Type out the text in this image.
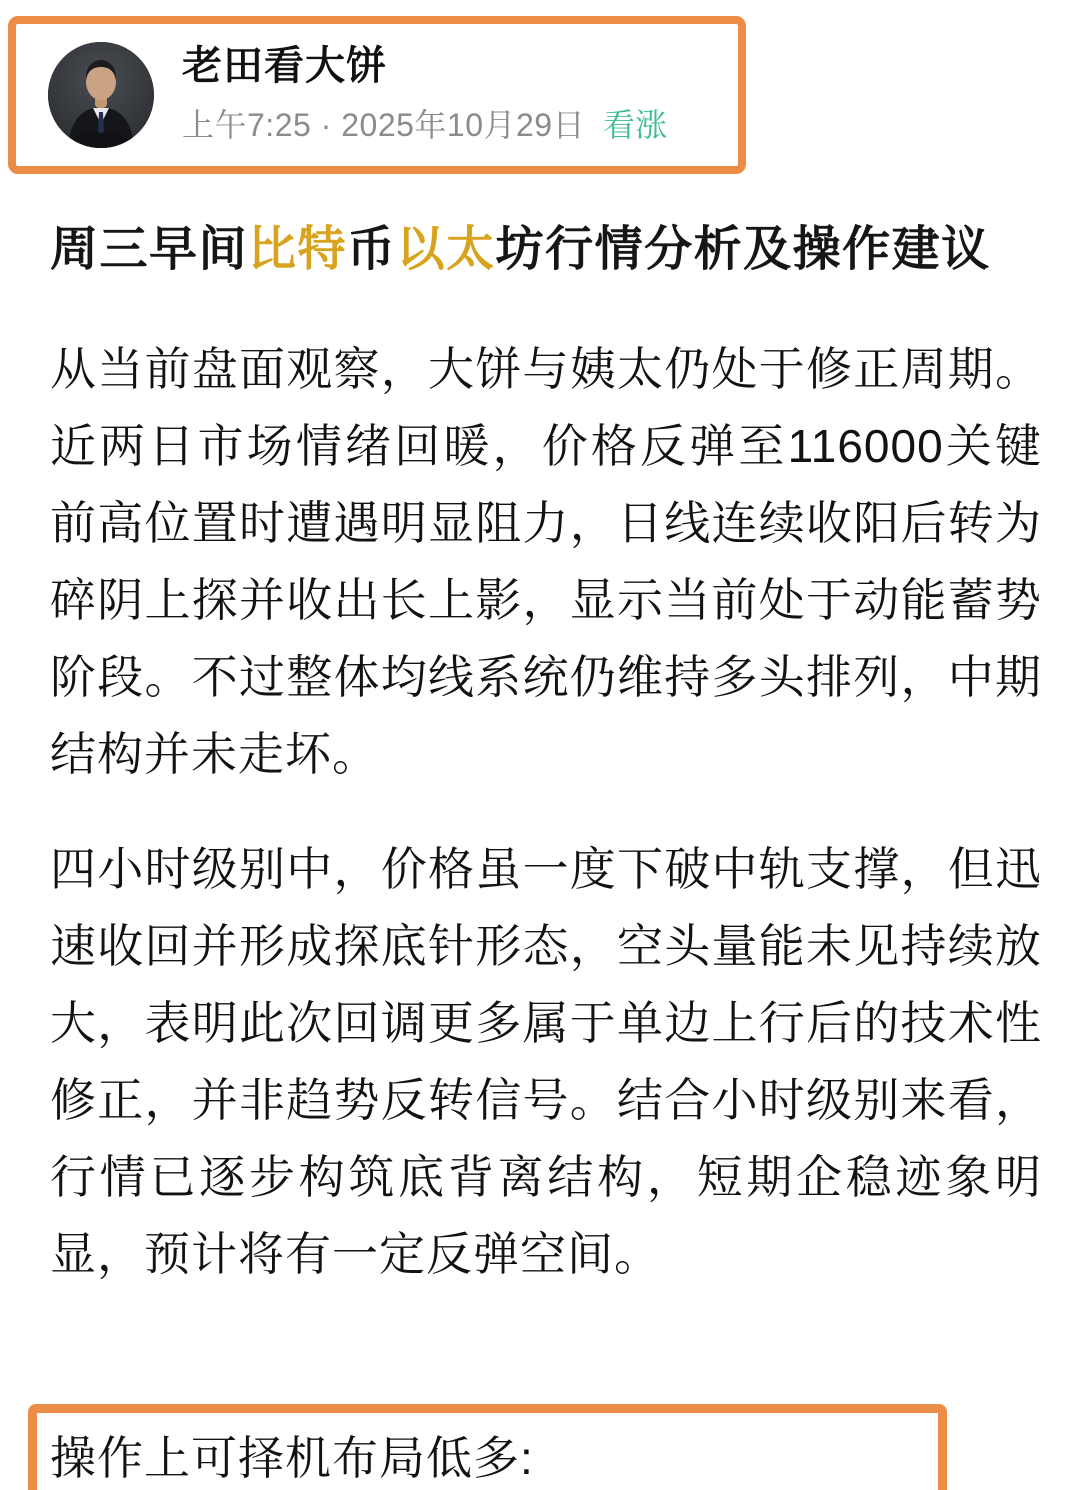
老田看大饼
上午7:25 · 2025年10月29日 看涨
周三早间比特币以太坊行情分析及操作建议

从当前盘面观察，大饼与姨太仍处于修正周期。近两日市场情绪回暖，价格反弹至116000关键前高位置时遭遇明显阻力，日线连续收阳后转为碎阴上探并收出长上影，显示当前处于动能蓄势阶段。不过整体均线系统仍维持多头排列，中期结构并未走坏。

四小时级别中，价格虽一度下破中轨支撑，但迅速收回并形成探底针形态，空头量能未见持续放大，表明此次回调更多属于单边上行后的技术性修正，并非趋势反转信号。结合小时级别来看，行情已逐步构筑底背离结构，短期企稳迹象明显，预计将有一定反弹空间。

操作上可择机布局低多:
